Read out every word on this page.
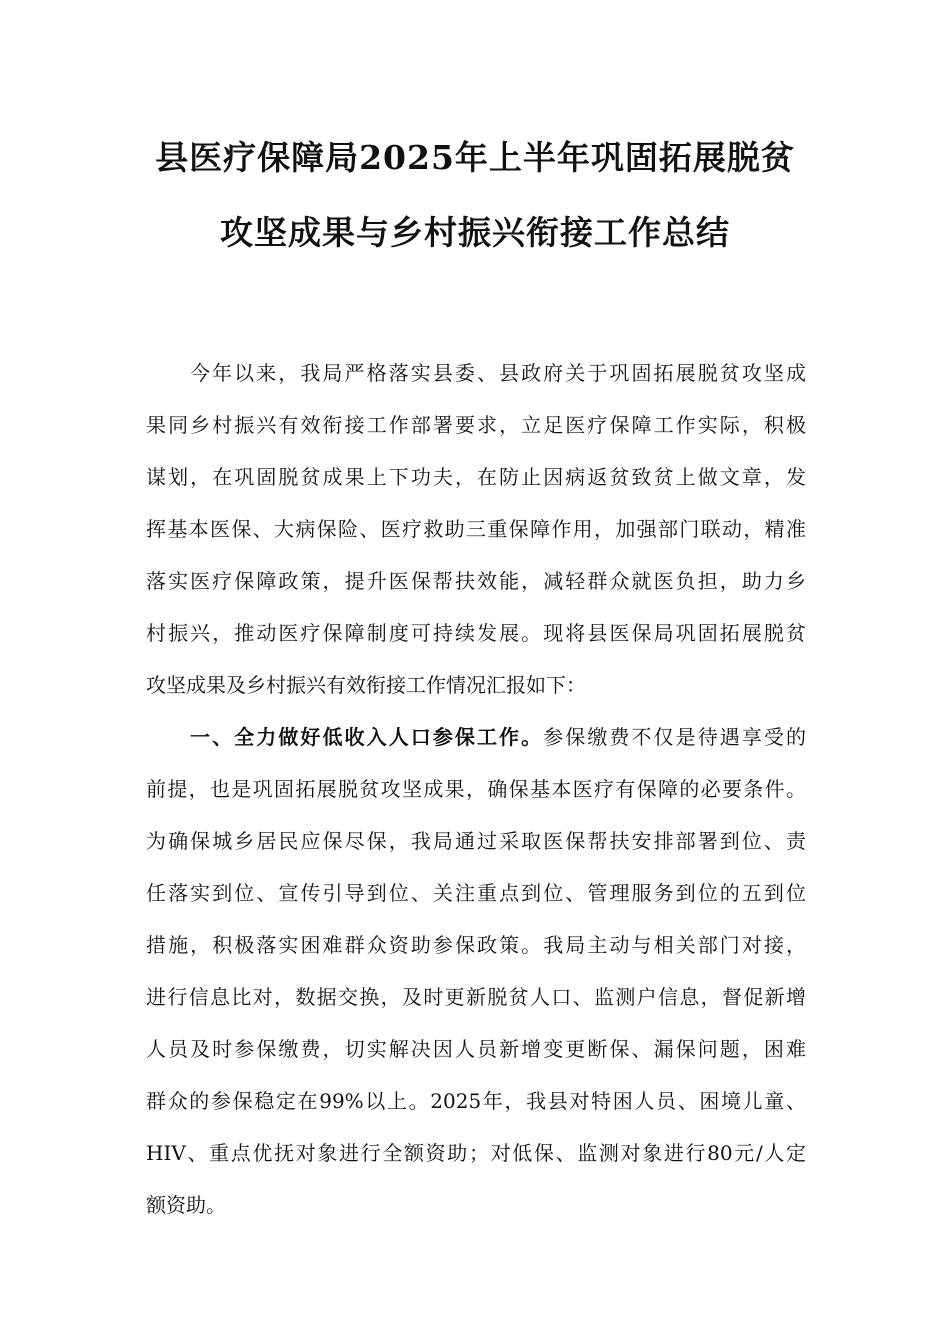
县医疗保障局2025年上半年巩固拓展脱贫
攻坚成果与乡村振兴衔接工作总结
今年以来，我局严格落实县委、县政府关于巩固拓展脱贫攻坚成
果同乡村振兴有效衔接工作部署要求，立足医疗保障工作实际，积极
谋划，在巩固脱贫成果上下功夫，在防止因病返贫致贫上做文章，发
挥基本医保、大病保险、医疗救助三重保障作用，加强部门联动，精准
落实医疗保障政策，提升医保帮扶效能，减轻群众就医负担，助力乡
村振兴，推动医疗保障制度可持续发展。现将县医保局巩固拓展脱贫
攻坚成果及乡村振兴有效衔接工作情况汇报如下：
一、全力做好低收入人口参保工作。参保缴费不仅是待遇享受的
前提，也是巩固拓展脱贫攻坚成果，确保基本医疗有保障的必要条件。
为确保城乡居民应保尽保，我局通过采取医保帮扶安排部署到位、责
任落实到位、宣传引导到位、关注重点到位、管理服务到位的五到位
措施，积极落实困难群众资助参保政策。我局主动与相关部门对接，
进行信息比对，数据交换，及时更新脱贫人口、监测户信息，督促新增
人员及时参保缴费，切实解决因人员新增变更断保、漏保问题，困难
群众的参保稳定在99%以上。2025年，我县对特困人员、困境儿童、
HIV、重点优抚对象进行全额资助；对低保、监测对象进行80元/人定
额资助。
